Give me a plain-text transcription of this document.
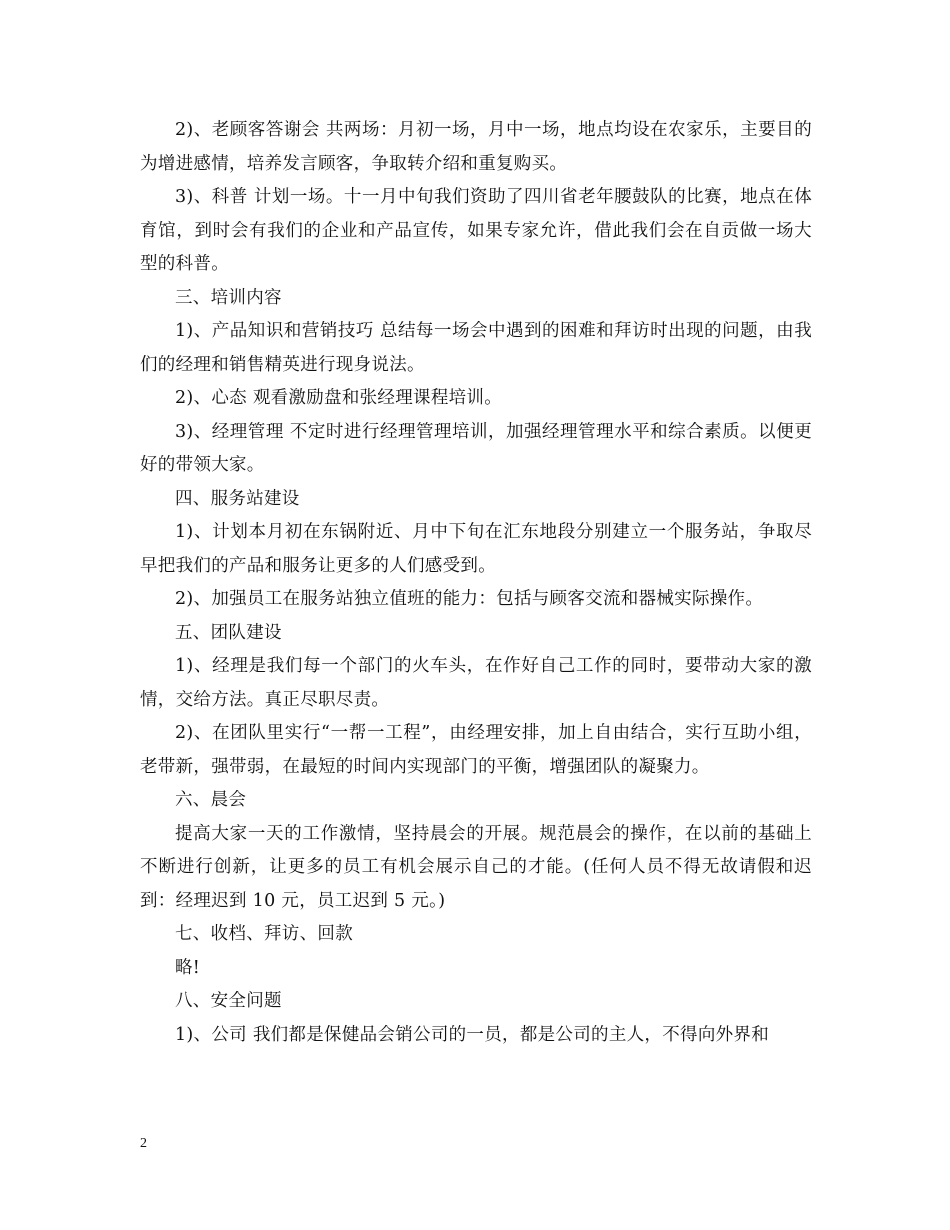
2)、老顾客答谢会 共两场：月初一场，月中一场，地点均设在农家乐，主要目的为增进感情，培养发言顾客，争取转介绍和重复购买。

3)、科普 计划一场。十一月中旬我们资助了四川省老年腰鼓队的比赛，地点在体育馆，到时会有我们的企业和产品宣传，如果专家允许，借此我们会在自贡做一场大型的科普。

三、培训内容

1)、产品知识和营销技巧 总结每一场会中遇到的困难和拜访时出现的问题，由我们的经理和销售精英进行现身说法。

2)、心态 观看激励盘和张经理课程培训。

3)、经理管理 不定时进行经理管理培训，加强经理管理水平和综合素质。以便更好的带领大家。

四、服务站建设

1)、计划本月初在东锅附近、月中下旬在汇东地段分别建立一个服务站，争取尽早把我们的产品和服务让更多的人们感受到。

2)、加强员工在服务站独立值班的能力：包括与顾客交流和器械实际操作。

五、团队建设

1)、经理是我们每一个部门的火车头，在作好自己工作的同时，要带动大家的激情，交给方法。真正尽职尽责。

2)、在团队里实行“一帮一工程”，由经理安排，加上自由结合，实行互助小组，老带新，强带弱，在最短的时间内实现部门的平衡，增强团队的凝聚力。

六、晨会

提高大家一天的工作激情，坚持晨会的开展。规范晨会的操作，在以前的基础上不断进行创新，让更多的员工有机会展示自己的才能。(任何人员不得无故请假和迟到：经理迟到 10 元，员工迟到 5 元。)

七、收档、拜访、回款

略!

八、安全问题

1)、公司 我们都是保健品会销公司的一员，都是公司的主人，不得向外界和

2
